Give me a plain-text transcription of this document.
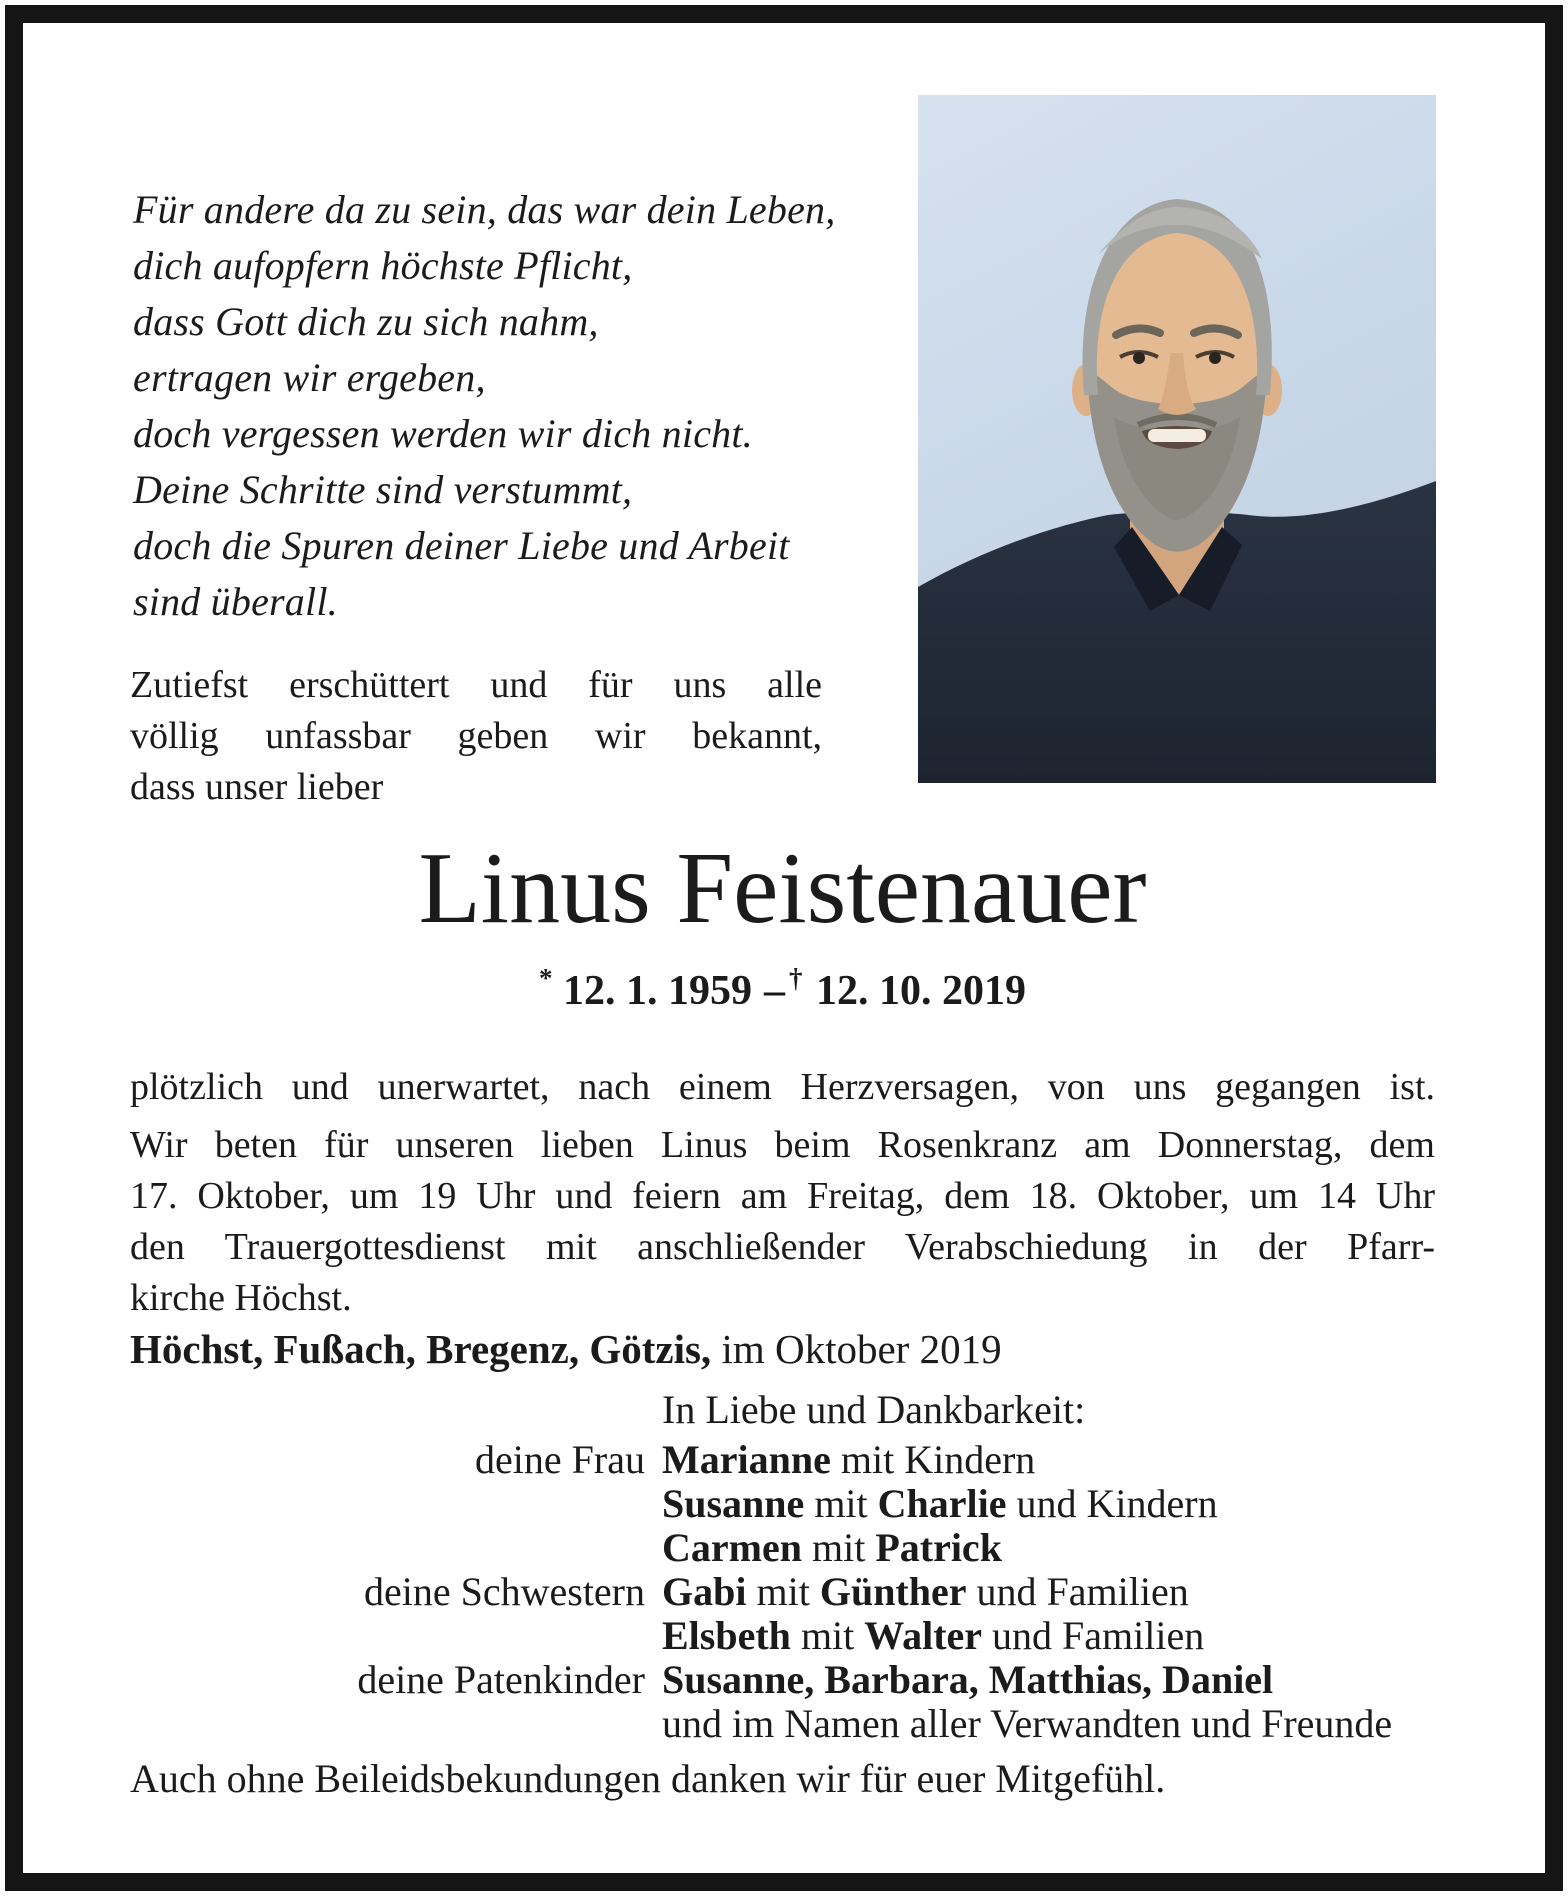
Für andere da zu sein, das war dein Leben,
dich aufopfern höchste Pflicht,
dass Gott dich zu sich nahm,
ertragen wir ergeben,
doch vergessen werden wir dich nicht.
Deine Schritte sind verstummt,
doch die Spuren deiner Liebe und Arbeit
sind überall.
Zutiefst erschüttert und für uns alle
völlig unfassbar geben wir bekannt,
dass unser lieber
Linus Feistenauer
* 12. 1. 1959 – † 12. 10. 2019
plötzlich und unerwartet, nach einem Herzversagen, von uns gegangen ist.
Wir beten für unseren lieben Linus beim Rosenkranz am Donnerstag, dem
17. Oktober, um 19 Uhr und feiern am Freitag, dem 18. Oktober, um 14 Uhr
den Trauergottesdienst mit anschließender Verabschiedung in der Pfarr-
kirche Höchst.
Höchst, Fußach, Bregenz, Götzis, im Oktober 2019
In Liebe und Dankbarkeit:
deine Frau Marianne mit Kindern
Susanne mit Charlie und Kindern
Carmen mit Patrick
deine Schwestern Gabi mit Günther und Familien
Elsbeth mit Walter und Familien
deine Patenkinder Susanne, Barbara, Matthias, Daniel
und im Namen aller Verwandten und Freunde
Auch ohne Beileidsbekundungen danken wir für euer Mitgefühl.
